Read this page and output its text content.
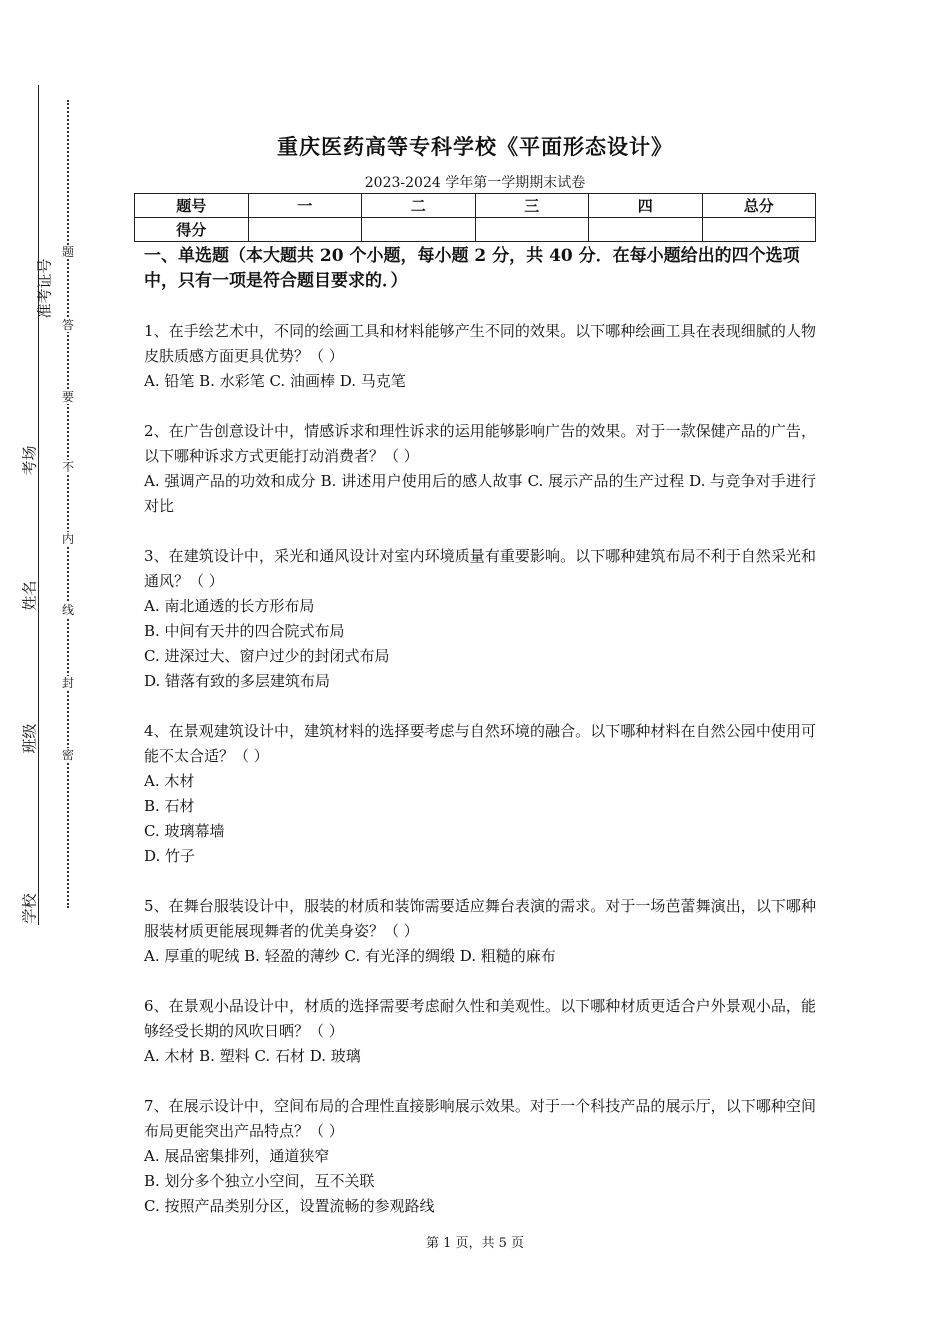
准考证号
考场
姓名
班级
学校
题
答
要
不
内
线
封
密
重庆医药高等专科学校《平面形态设计》
2023-2024 学年第一学期期末试卷
题号	一	二	三	四	总分
得分					
一、单选题（本大题共 20 个小题，每小题 2 分，共 40 分．在每小题给出的四个选项中，只有一项是符合题目要求的．）
1、在手绘艺术中，不同的绘画工具和材料能够产生不同的效果。以下哪种绘画工具在表现细腻的人物皮肤质感方面更具优势？（ ）
A. 铅笔 B. 水彩笔 C. 油画棒 D. 马克笔
2、在广告创意设计中，情感诉求和理性诉求的运用能够影响广告的效果。对于一款保健产品的广告，以下哪种诉求方式更能打动消费者？（ ）
A. 强调产品的功效和成分 B. 讲述用户使用后的感人故事 C. 展示产品的生产过程 D. 与竞争对手进行对比
3、在建筑设计中，采光和通风设计对室内环境质量有重要影响。以下哪种建筑布局不利于自然采光和通风？（ ）
A. 南北通透的长方形布局
B. 中间有天井的四合院式布局
C. 进深过大、窗户过少的封闭式布局
D. 错落有致的多层建筑布局
4、在景观建筑设计中，建筑材料的选择要考虑与自然环境的融合。以下哪种材料在自然公园中使用可能不太合适？（ ）
A. 木材
B. 石材
C. 玻璃幕墙
D. 竹子
5、在舞台服装设计中，服装的材质和装饰需要适应舞台表演的需求。对于一场芭蕾舞演出，以下哪种服装材质更能展现舞者的优美身姿？（ ）
A. 厚重的呢绒 B. 轻盈的薄纱 C. 有光泽的绸缎 D. 粗糙的麻布
6、在景观小品设计中，材质的选择需要考虑耐久性和美观性。以下哪种材质更适合户外景观小品，能够经受长期的风吹日晒？（ ）
A. 木材 B. 塑料 C. 石材 D. 玻璃
7、在展示设计中，空间布局的合理性直接影响展示效果。对于一个科技产品的展示厅，以下哪种空间布局更能突出产品特点？（ ）
A. 展品密集排列，通道狭窄
B. 划分多个独立小空间，互不关联
C. 按照产品类别分区，设置流畅的参观路线
第 1 页，共 5 页
